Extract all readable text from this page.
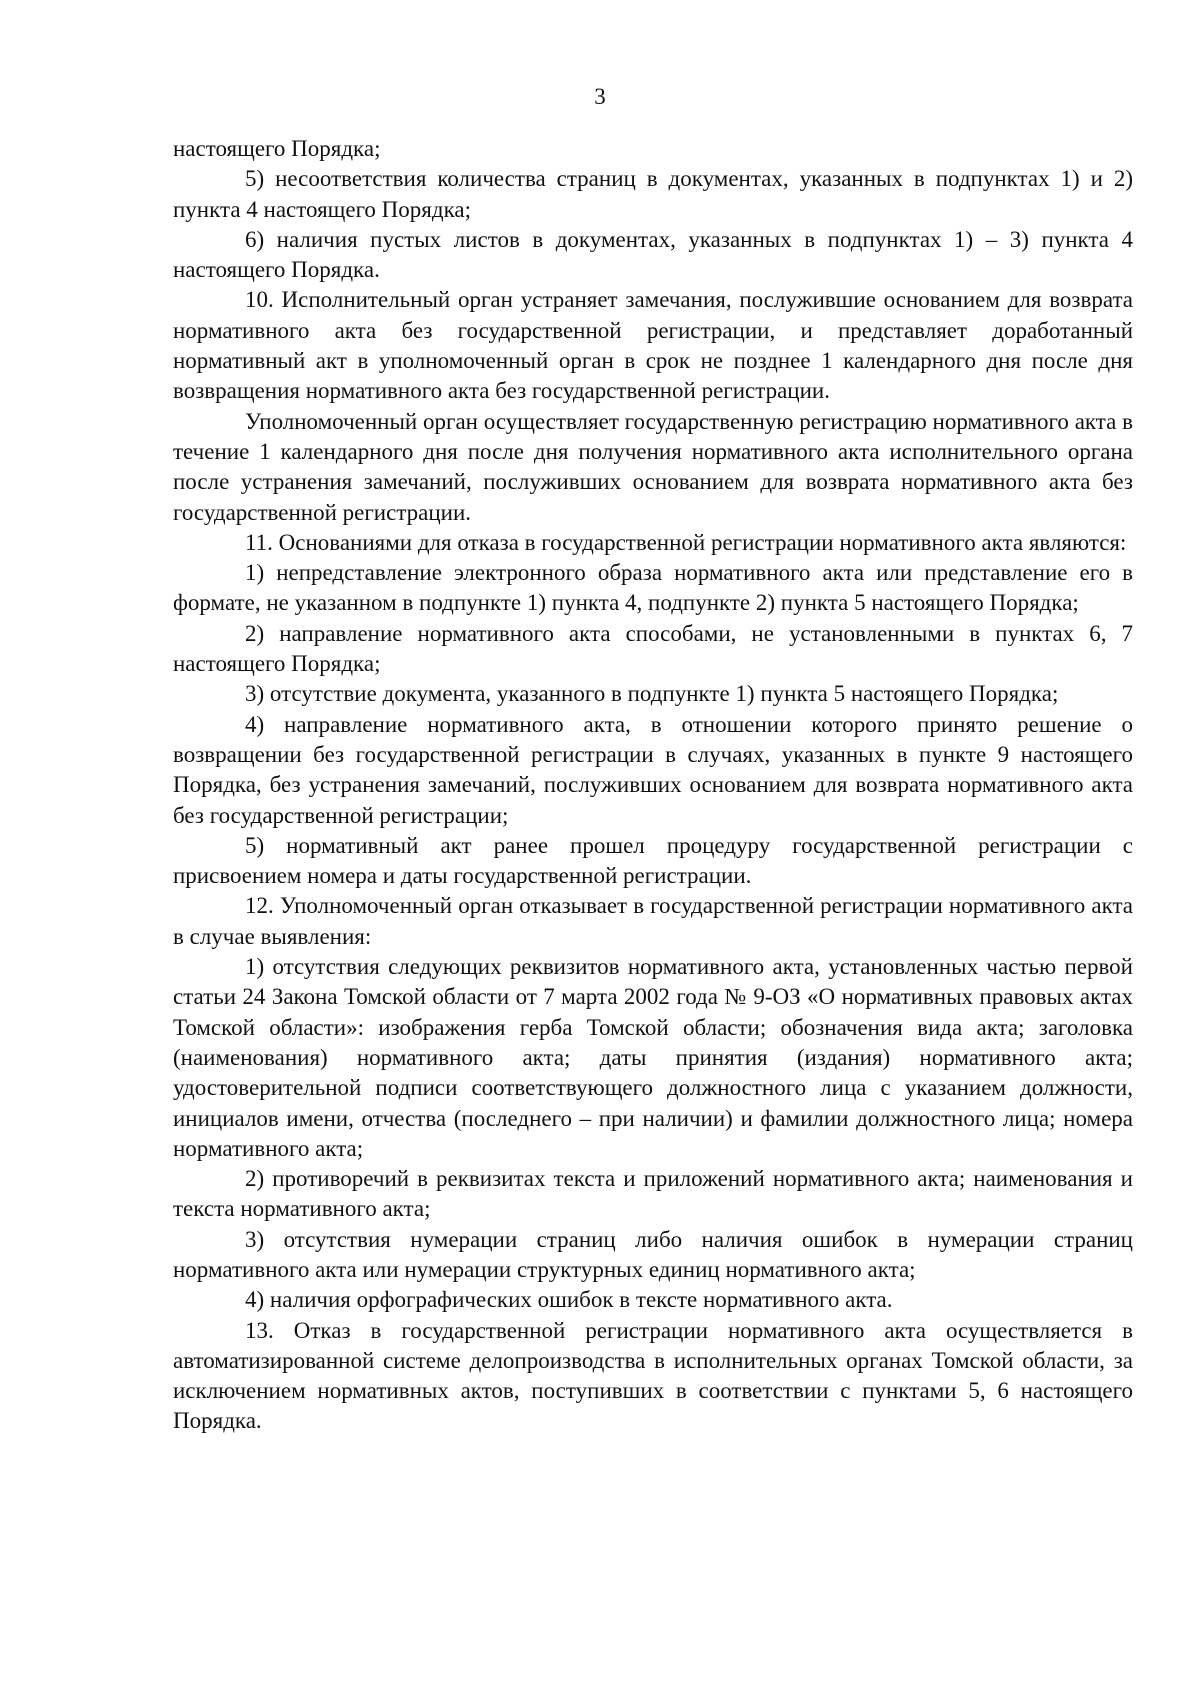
3

настоящего Порядка;

5) несоответствия количества страниц в документах, указанных в подпунктах 1) и 2) пункта 4 настоящего Порядка;

6) наличия пустых листов в документах, указанных в подпунктах 1) – 3) пункта 4 настоящего Порядка.

10. Исполнительный орган устраняет замечания, послужившие основанием для возврата нормативного акта без государственной регистрации, и представляет доработанный нормативный акт в уполномоченный орган в срок не позднее 1 календарного дня после дня возвращения нормативного акта без государственной регистрации.

Уполномоченный орган осуществляет государственную регистрацию нормативного акта в течение 1 календарного дня после дня получения нормативного акта исполнительного органа после устранения замечаний, послуживших основанием для возврата нормативного акта без государственной регистрации.

11. Основаниями для отказа в государственной регистрации нормативного акта являются:

1) непредставление электронного образа нормативного акта или представление его в формате, не указанном в подпункте 1) пункта 4, подпункте 2) пункта 5 настоящего Порядка;

2) направление нормативного акта способами, не установленными в пунктах 6, 7 настоящего Порядка;

3) отсутствие документа, указанного в подпункте 1) пункта 5 настоящего Порядка;

4) направление нормативного акта, в отношении которого принято решение о возвращении без государственной регистрации в случаях, указанных в пункте 9 настоящего Порядка, без устранения замечаний, послуживших основанием для возврата нормативного акта без государственной регистрации;

5) нормативный акт ранее прошел процедуру государственной регистрации с присвоением номера и даты государственной регистрации.

12. Уполномоченный орган отказывает в государственной регистрации нормативного акта в случае выявления:

1) отсутствия следующих реквизитов нормативного акта, установленных частью первой статьи 24 Закона Томской области от 7 марта 2002 года № 9-ОЗ «О нормативных правовых актах Томской области»: изображения герба Томской области; обозначения вида акта; заголовка (наименования) нормативного акта; даты принятия (издания) нормативного акта; удостоверительной подписи соответствующего должностного лица с указанием должности, инициалов имени, отчества (последнего – при наличии) и фамилии должностного лица; номера нормативного акта;

2) противоречий в реквизитах текста и приложений нормативного акта; наименования и текста нормативного акта;

3) отсутствия нумерации страниц либо наличия ошибок в нумерации страниц нормативного акта или нумерации структурных единиц нормативного акта;

4) наличия орфографических ошибок в тексте нормативного акта.

13. Отказ в государственной регистрации нормативного акта осуществляется в автоматизированной системе делопроизводства в исполнительных органах Томской области, за исключением нормативных актов, поступивших в соответствии с пунктами 5, 6 настоящего Порядка.
